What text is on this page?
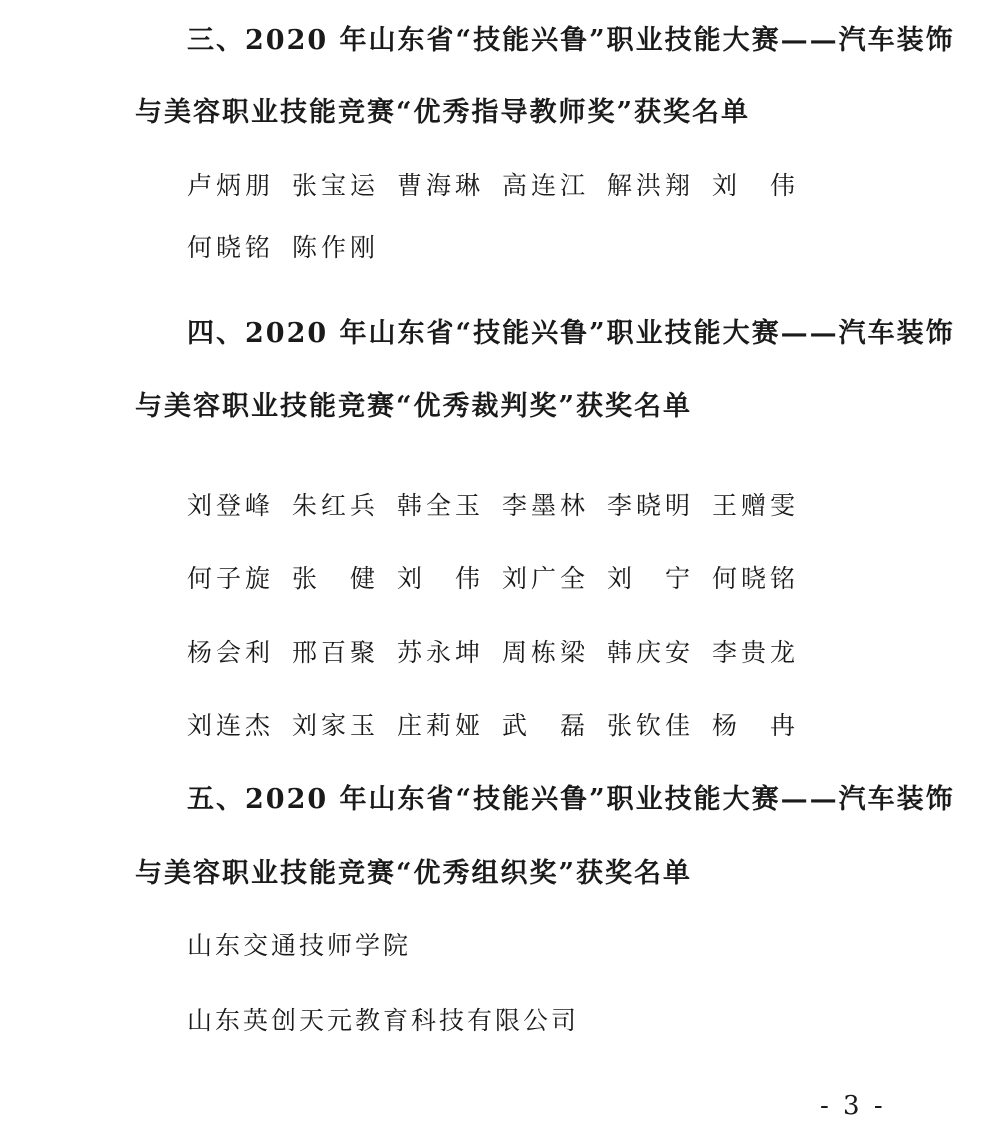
三、2020 年山东省“技能兴鲁”职业技能大赛——汽车装饰
与美容职业技能竞赛“优秀指导教师奖”获奖名单
卢炳朋 张宝运 曹海琳 高连江 解洪翔 刘　伟
何晓铭 陈作刚
四、2020 年山东省“技能兴鲁”职业技能大赛——汽车装饰
与美容职业技能竞赛“优秀裁判奖”获奖名单
刘登峰 朱红兵 韩全玉 李墨林 李晓明 王赠雯
何子旋 张　健 刘　伟 刘广全 刘　宁 何晓铭
杨会利 邢百聚 苏永坤 周栋梁 韩庆安 李贵龙
刘连杰 刘家玉 庄莉娅 武　磊 张钦佳 杨　冉
五、2020 年山东省“技能兴鲁”职业技能大赛——汽车装饰
与美容职业技能竞赛“优秀组织奖”获奖名单
山东交通技师学院
山东英创天元教育科技有限公司
- 3 -
